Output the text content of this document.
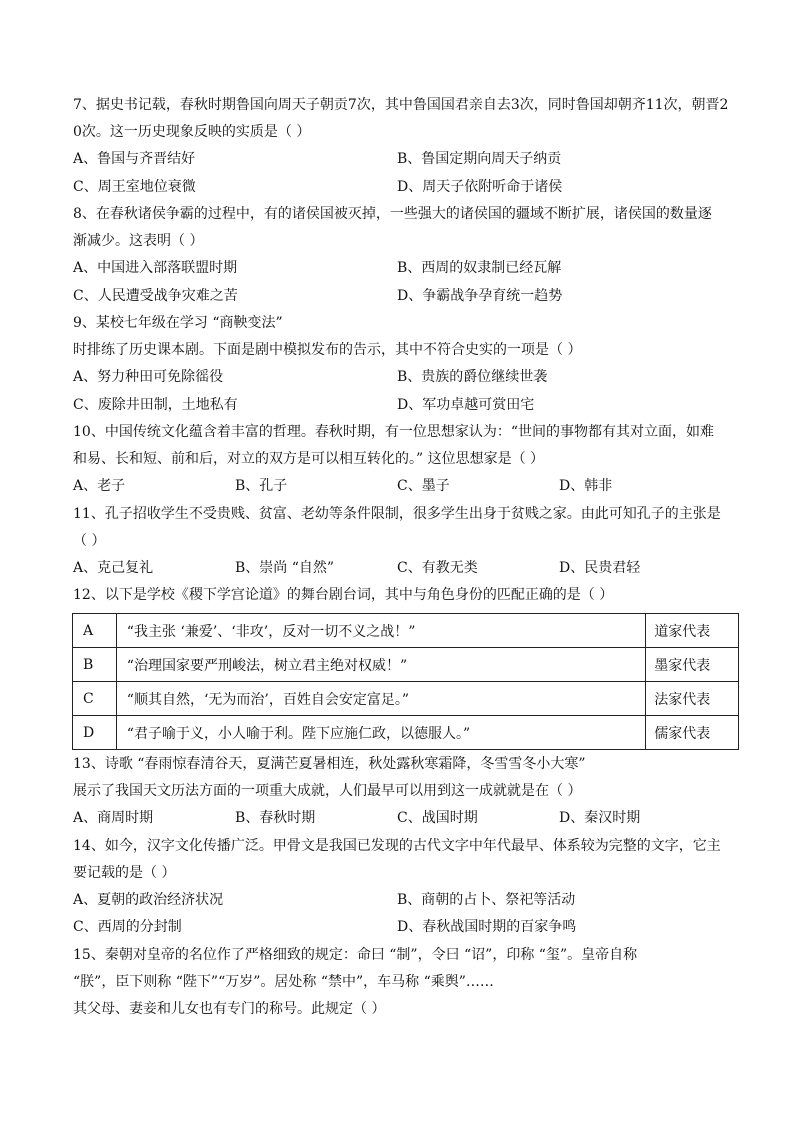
7、据史书记载，春秋时期鲁国向周天子朝贡7次，其中鲁国国君亲自去3次，同时鲁国却朝齐11次，朝晋2
0次。这一历史现象反映的实质是（ ）
A、鲁国与齐晋结好	B、鲁国定期向周天子纳贡
C、周王室地位衰微	D、周天子依附听命于诸侯
8、在春秋诸侯争霸的过程中，有的诸侯国被灭掉，一些强大的诸侯国的疆域不断扩展，诸侯国的数量逐
渐减少。这表明（ ）
A、中国进入部落联盟时期	B、西周的奴隶制已经瓦解
C、人民遭受战争灾难之苦	D、争霸战争孕育统一趋势
9、某校七年级在学习 “商鞅变法”
时排练了历史课本剧。下面是剧中模拟发布的告示，其中不符合史实的一项是（ ）
A、努力种田可免除徭役	B、贵族的爵位继续世袭
C、废除井田制，土地私有	D、军功卓越可赏田宅
10、中国传统文化蕴含着丰富的哲理。春秋时期，有一位思想家认为：“世间的事物都有其对立面，如难
和易、长和短、前和后，对立的双方是可以相互转化的。” 这位思想家是（ ）
A、老子	B、孔子	C、墨子	D、韩非
11、孔子招收学生不受贵贱、贫富、老幼等条件限制，很多学生出身于贫贱之家。由此可知孔子的主张是
（ ）
A、克己复礼	B、崇尚 “自然”	C、有教无类	D、民贵君轻
12、以下是学校《稷下学宫论道》的舞台剧台词，其中与角色身份的匹配正确的是（ ）
A	“我主张 ‘兼爱’、‘非攻’，反对一切不义之战！”	道家代表
B	“治理国家要严刑峻法，树立君主绝对权威！”	墨家代表
C	“顺其自然，‘无为而治’，百姓自会安定富足。”	法家代表
D	“君子喻于义，小人喻于利。陛下应施仁政，以德服人。”	儒家代表
13、诗歌 “春雨惊春清谷天，夏满芒夏暑相连，秋处露秋寒霜降，冬雪雪冬小大寒”
展示了我国天文历法方面的一项重大成就，人们最早可以用到这一成就就是在（ ）
A、商周时期	B、春秋时期	C、战国时期	D、秦汉时期
14、如今，汉字文化传播广泛。甲骨文是我国已发现的古代文字中年代最早、体系较为完整的文字，它主
要记载的是（ ）
A、夏朝的政治经济状况	B、商朝的占卜、祭祀等活动
C、西周的分封制	D、春秋战国时期的百家争鸣
15、秦朝对皇帝的名位作了严格细致的规定：命曰 “制”，令曰 “诏”，印称 “玺”。皇帝自称
“朕”，臣下则称 “陛下”“万岁”。居处称 “禁中”，车马称 “乘舆”……
其父母、妻妾和儿女也有专门的称号。此规定（ ）
